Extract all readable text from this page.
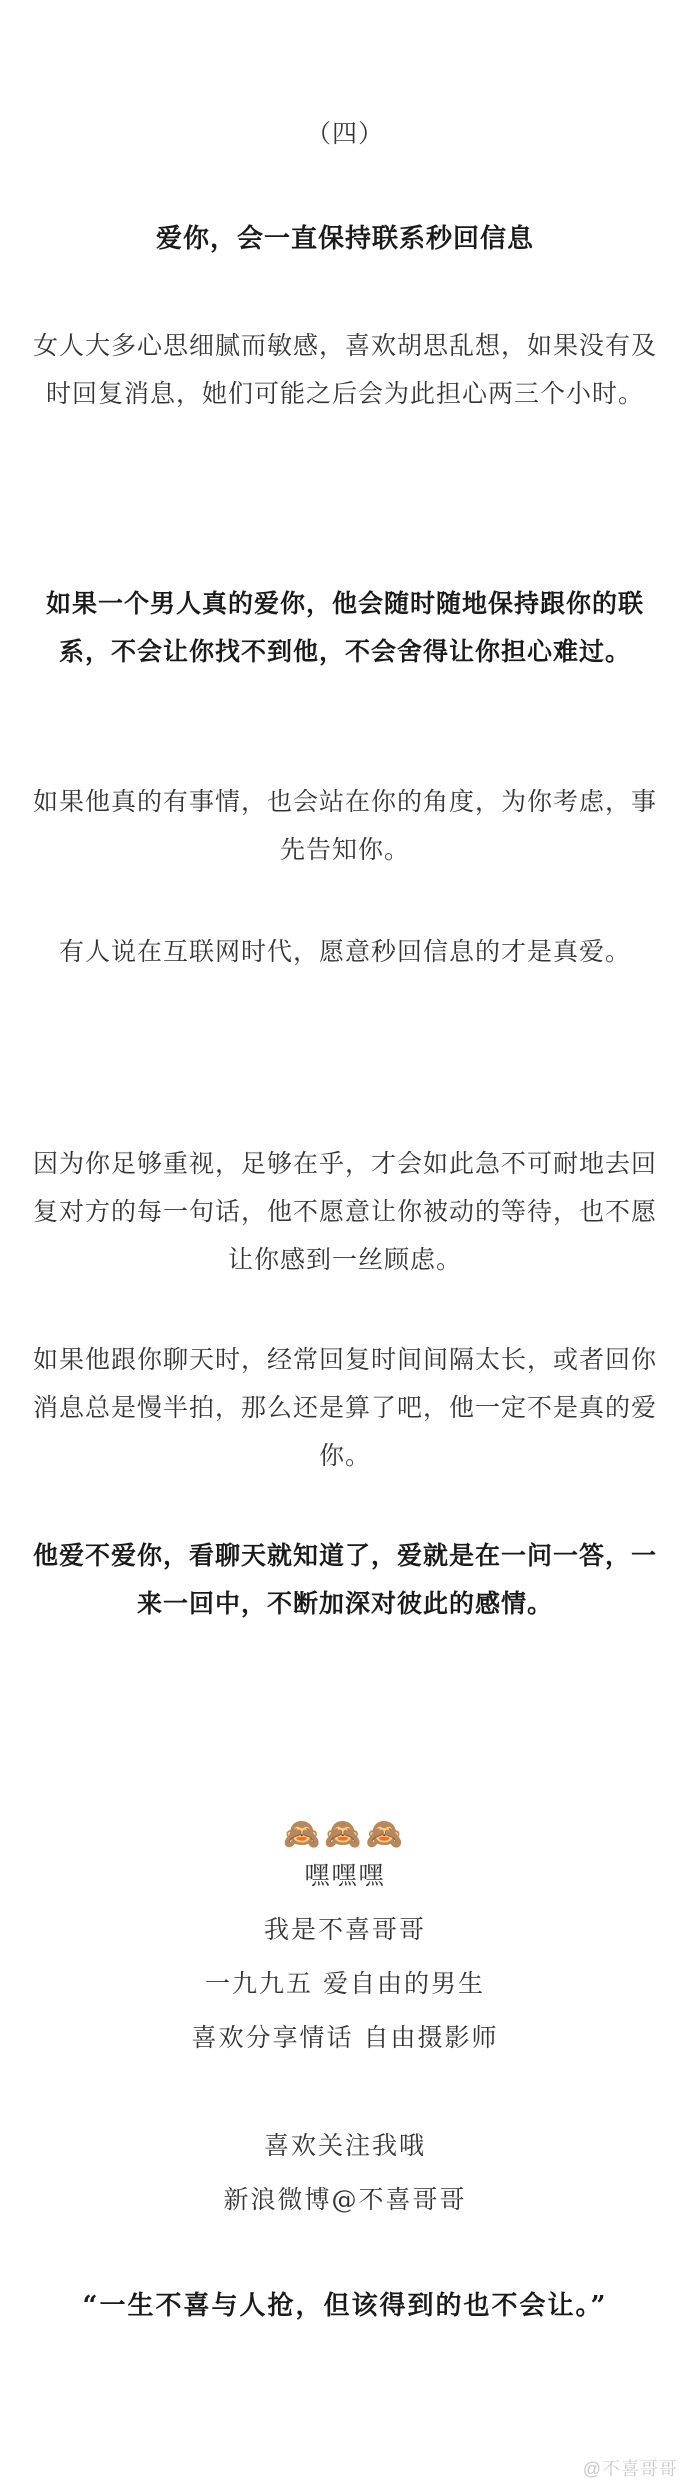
（四）

爱你，会一直保持联系秒回信息

女人大多心思细腻而敏感，喜欢胡思乱想，如果没有及时回复消息，她们可能之后会为此担心两三个小时。

如果一个男人真的爱你，他会随时随地保持跟你的联系，不会让你找不到他，不会舍得让你担心难过。

如果他真的有事情，也会站在你的角度，为你考虑，事先告知你。

有人说在互联网时代，愿意秒回信息的才是真爱。

因为你足够重视，足够在乎，才会如此急不可耐地去回复对方的每一句话，他不愿意让你被动的等待，也不愿让你感到一丝顾虑。

如果他跟你聊天时，经常回复时间间隔太长，或者回你消息总是慢半拍，那么还是算了吧，他一定不是真的爱你。

他爱不爱你，看聊天就知道了，爱就是在一问一答，一来一回中，不断加深对彼此的感情。

🙈🙈🙈
嘿嘿嘿
我是不喜哥哥
一九九五 爱自由的男生
喜欢分享情话 自由摄影师
喜欢关注我哦
新浪微博@不喜哥哥
“一生不喜与人抢，但该得到的也不会让。”
@不喜哥哥
